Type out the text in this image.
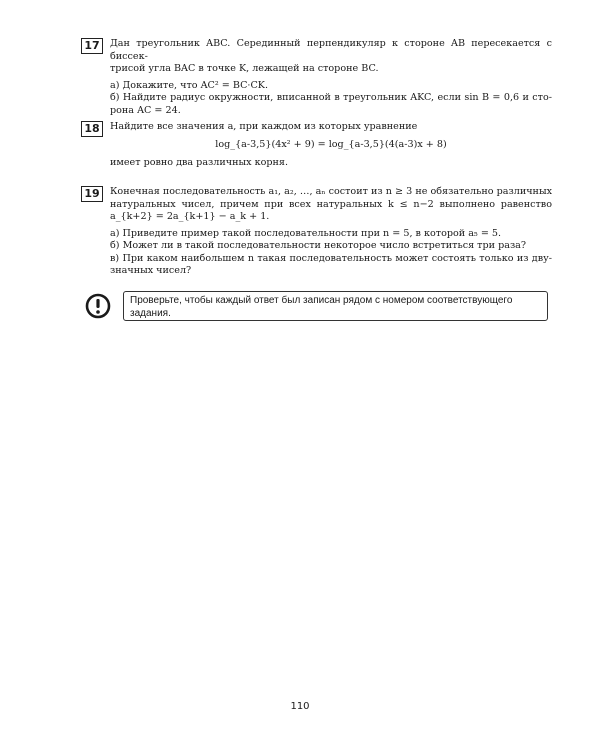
17	Дан треугольник ABC. Серединный перпендикуляр к стороне AB пересекается с биссек-

трисой угла BAC в точке K, лежащей на стороне BC.

а) Докажите, что AC² = BC·CK.

б) Найдите радиус окружности, вписанной в треугольник AKC, если sin B = 0,6 и сто-

рона AC = 24.

18	Найдите все значения a, при каждом из которых уравнение

log_{a-3,5}(4x² + 9) = log_{a-3,5}(4(a-3)x + 8)

имеет ровно два различных корня.

19	Конечная последовательность a₁, a₂, …, aₙ состоит из n ≥ 3 не обязательно различных

натуральных чисел, причем при всех натуральных k ≤ n−2 выполнено равенство

a_{k+2} = 2a_{k+1} − a_k + 1.

а) Приведите пример такой последовательности при n = 5, в которой a₅ = 5.

б) Может ли в такой последовательности некоторое число встретиться три раза?

в) При каком наибольшем n такая последовательность может состоять только из дву-

значных чисел?

Проверьте, чтобы каждый ответ был записан рядом с номером соответствующего задания.
110
